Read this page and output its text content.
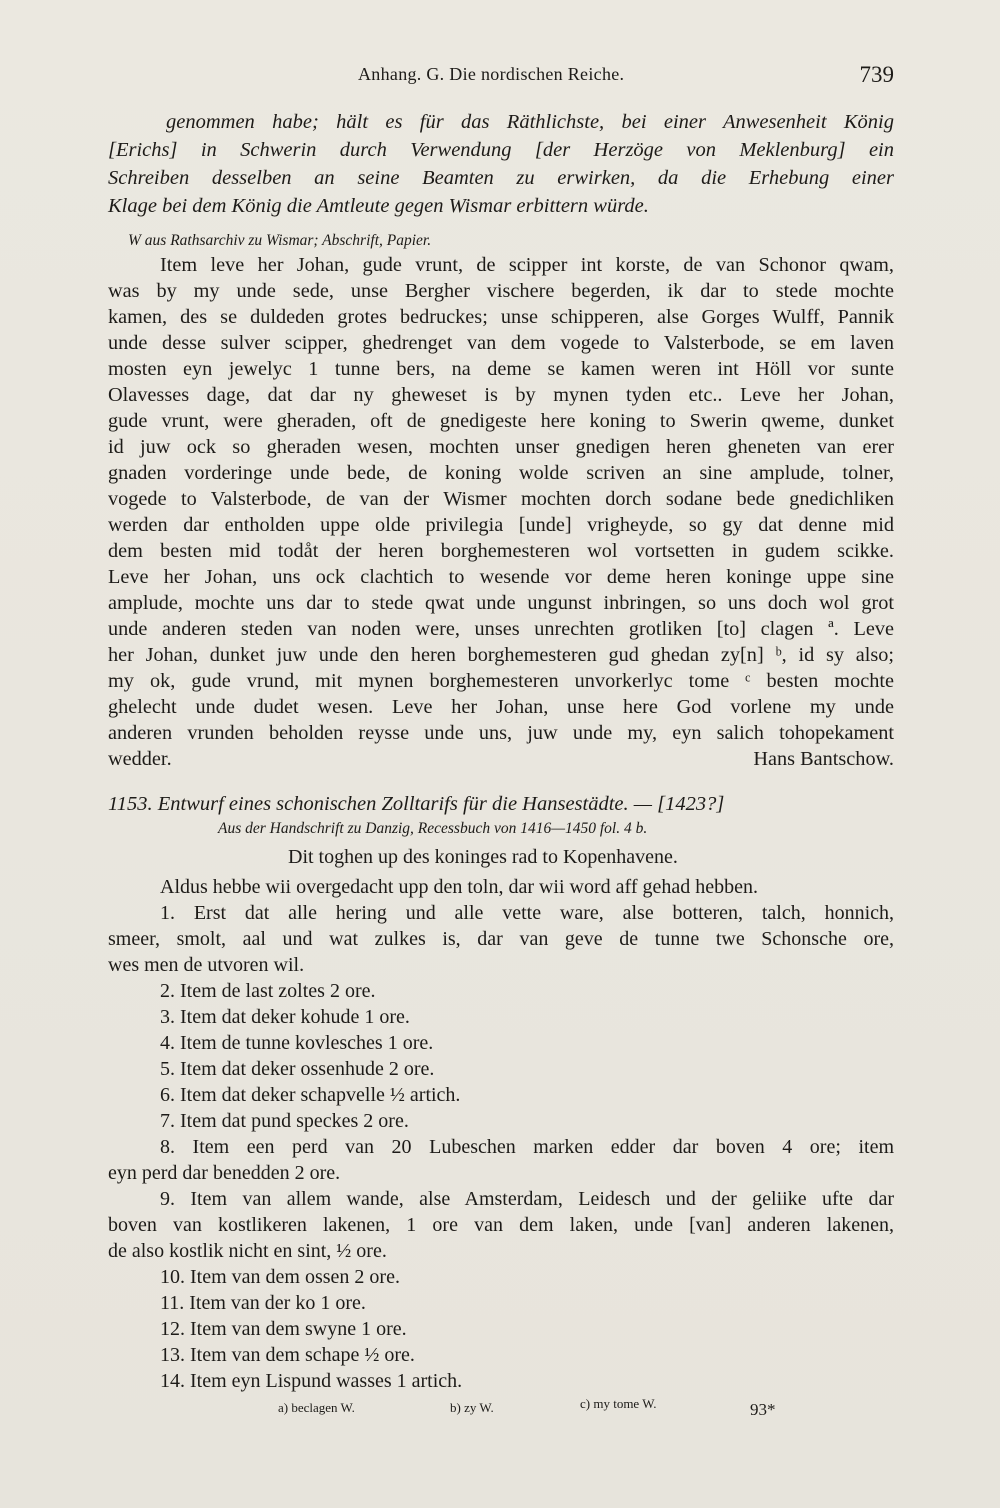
Anhang. G. Die nordischen Reiche.	739
genommen habe; hält es für das Räthlichste, bei einer Anwesenheit König
[Erichs] in Schwerin durch Verwendung [der Herzöge von Meklenburg] ein
Schreiben desselben an seine Beamten zu erwirken, da die Erhebung einer
Klage bei dem König die Amtleute gegen Wismar erbittern würde.
W aus Rathsarchiv zu Wismar; Abschrift, Papier.
Item leve her Johan, gude vrunt, de scipper int korste, de van Schonor qwam,
was by my unde sede, unse Bergher vischere begerden, ik dar to stede mochte
kamen, des se duldeden grotes bedruckes; unse schipperen, alse Gorges Wulff, Pannik
unde desse sulver scipper, ghedrenget van dem vogede to Valsterbode, se em laven
mosten eyn jewelyc 1 tunne bers, na deme se kamen weren int Höll vor sunte
Olavesses dage, dat dar ny gheweset is by mynen tyden etc.. Leve her Johan,
gude vrunt, were gheraden, oft de gnedigeste here koning to Swerin qweme, dunket
id juw ock so gheraden wesen, mochten unser gnedigen heren gheneten van erer
gnaden vorderinge unde bede, de koning wolde scriven an sine amplude, tolner,
vogede to Valsterbode, de van der Wismer mochten dorch sodane bede gnedichliken
werden dar entholden uppe olde privilegia [unde] vrigheyde, so gy dat denne mid
dem besten mid todåt der heren borghemesteren wol vortsetten in gudem scikke.
Leve her Johan, uns ock clachtich to wesende vor deme heren koninge uppe sine
amplude, mochte uns dar to stede qwat unde ungunst inbringen, so uns doch wol grot
unde anderen steden van noden were, unses unrechten grotliken [to] clagen ª. Leve
her Johan, dunket juw unde den heren borghemesteren gud ghedan zy[n] ᵇ, id sy also;
my ok, gude vrund, mit mynen borghemesteren unvorkerlyc tome ᶜ besten mochte
ghelecht unde dudet wesen. Leve her Johan, unse here God vorlene my unde
anderen vrunden beholden reysse unde uns, juw unde my, eyn salich tohopekament
wedder.	Hans Bantschow.
1153. Entwurf eines schonischen Zolltarifs für die Hansestädte. — [1423?]
Aus der Handschrift zu Danzig, Recessbuch von 1416—1450 fol. 4 b.
Dit toghen up des koninges rad to Kopenhavene.
Aldus hebbe wii overgedacht upp den toln, dar wii word aff gehad hebben.
1. Erst dat alle hering und alle vette ware, alse botteren, talch, honnich,
smeer, smolt, aal und wat zulkes is, dar van geve de tunne twe Schonsche ore,
wes men de utvoren wil.
2. Item de last zoltes 2 ore.
3. Item dat deker kohude 1 ore.
4. Item de tunne kovlesches 1 ore.
5. Item dat deker ossenhude 2 ore.
6. Item dat deker schapvelle ½ artich.
7. Item dat pund speckes 2 ore.
8. Item een perd van 20 Lubeschen marken edder dar boven 4 ore; item
eyn perd dar benedden 2 ore.
9. Item van allem wande, alse Amsterdam, Leidesch und der geliike ufte dar
boven van kostlikeren lakenen, 1 ore van dem laken, unde [van] anderen lakenen,
de also kostlik nicht en sint, ½ ore.
10. Item van dem ossen 2 ore.
11. Item van der ko 1 ore.
12. Item van dem swyne 1 ore.
13. Item van dem schape ½ ore.
14. Item eyn Lispund wasses 1 artich.
a) beclagen W.	b) zy W.	c) my tome W.	93*
